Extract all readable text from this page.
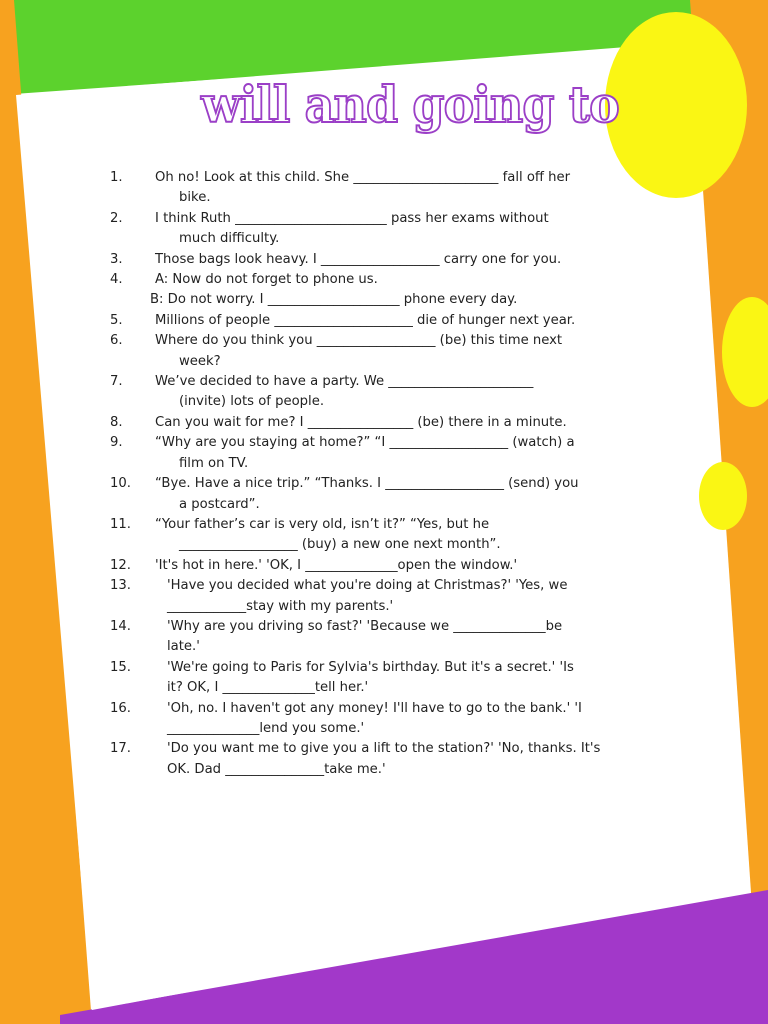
will and going to
1.	Oh no! Look at this child. She ______________________ fall off her
bike.
2.	I think Ruth _______________________ pass her exams without
much difficulty.
3.	Those bags look heavy. I __________________ carry one for you.
4.	A: Now do not forget to phone us.
B: Do not worry. I ____________________ phone every day.
5.	Millions of people _____________________ die of hunger next year.
6.	Where do you think you __________________ (be) this time next
week?
7.	We’ve decided to have a party. We ______________________
(invite) lots of people.
8.	Can you wait for me? I ________________ (be) there in a minute.
9.	“Why are you staying at home?” “I __________________ (watch) a
film on TV.
10.	“Bye. Have a nice trip.” “Thanks. I __________________ (send) you
a postcard”.
11.	“Your father’s car is very old, isn’t it?” “Yes, but he
__________________ (buy) a new one next month”.
12.	'It's hot in here.' 'OK, I ______________open the window.'
13.	'Have you decided what you're doing at Christmas?' 'Yes, we
____________stay with my parents.'
14.	'Why are you driving so fast?' 'Because we ______________be
late.'
15.	'We're going to Paris for Sylvia's birthday. But it's a secret.' 'Is
it? OK, I ______________tell her.'
16.	'Oh, no. I haven't got any money! I'll have to go to the bank.' 'I
______________lend you some.'
17.	'Do you want me to give you a lift to the station?' 'No, thanks. It's
OK. Dad _______________take me.'
